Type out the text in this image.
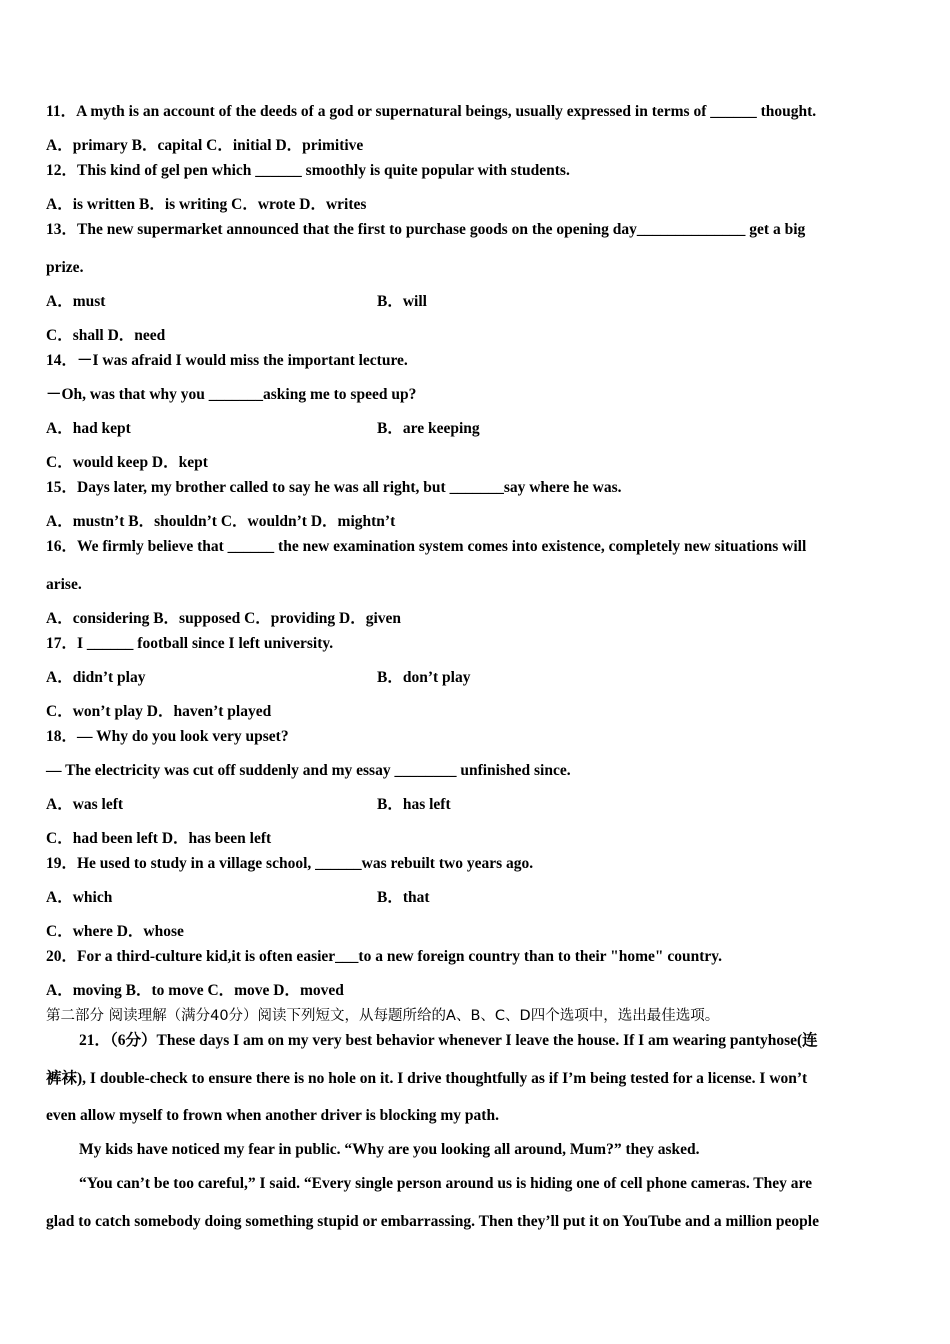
11．A myth is an account of the deeds of a god or supernatural beings, usually expressed in terms of ______ thought.
A．primary B．capital C．initial D．primitive
12．This kind of gel pen which ______ smoothly is quite popular with students.
A．is written B．is writing C．wrote D．writes
13．The new supermarket announced that the first to purchase goods on the opening day______________ get a big
prize.
A．must	B．will
C．shall D．need
14．－I was afraid I would miss the important lecture.
－Oh, was that why you _______asking me to speed up?
A．had kept	B．are keeping
C．would keep D．kept
15．Days later, my brother called to say he was all right, but _______say where he was.
A．mustn’t B．shouldn’t C．wouldn’t D．mightn’t
16．We firmly believe that ______ the new examination system comes into existence, completely new situations will
arise.
A．considering B．supposed C．providing D．given
17．I ______ football since I left university.
A．didn’t play	B．don’t play
C．won’t play D．haven’t played
18．— Why do you look very upset?
— The electricity was cut off suddenly and my essay ________ unfinished since.
A．was left	B．has left
C．had been left D．has been left
19．He used to study in a village school, ______was rebuilt two years ago.
A．which	B．that
C．where D．whose
20．For a third-culture kid,it is often easier___to a new foreign country than to their "home" country.
A．moving B．to move C．move D．moved
第二部分 阅读理解（满分40分）阅读下列短文，从每题所给的A、B、C、D四个选项中，选出最佳选项。
21．（6分）These days I am on my very best behavior whenever I leave the house. If I am wearing pantyhose(连
裤袜), I double-check to ensure there is no hole on it. I drive thoughtfully as if I’m being tested for a license. I won’t
even allow myself to frown when another driver is blocking my path.
My kids have noticed my fear in public. “Why are you looking all around, Mum?” they asked.
“You can’t be too careful,” I said. “Every single person around us is hiding one of cell phone cameras. They are
glad to catch somebody doing something stupid or embarrassing. Then they’ll put it on YouTube and a million people
